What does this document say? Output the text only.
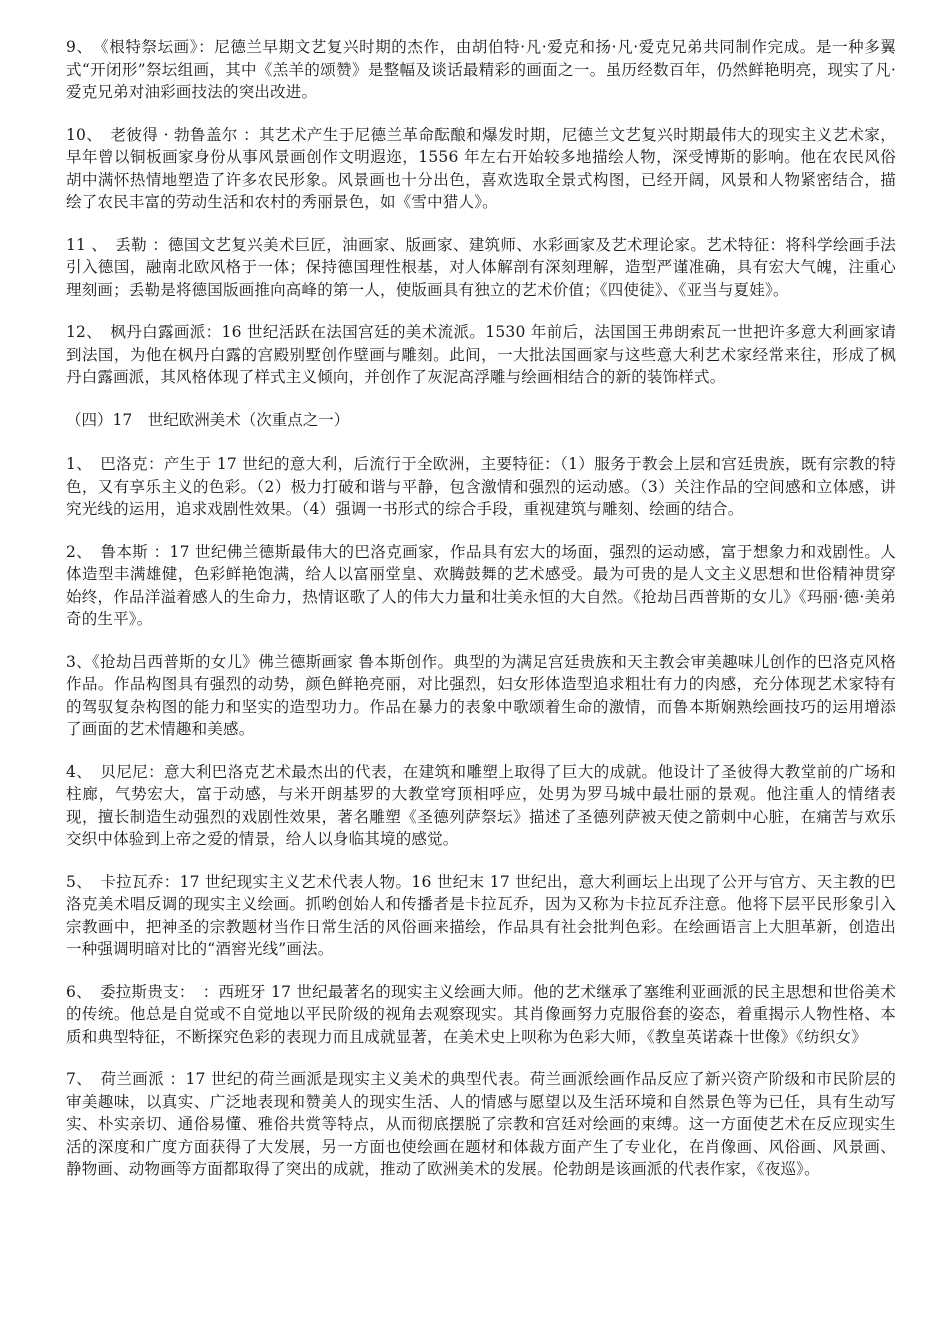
9、　 《根特祭坛画》：尼德兰早期文艺复兴时期的杰作，由胡伯特·凡·爱克和扬·凡·爱克兄弟共同制作完成。是一种多翼式“开闭形”祭坛组画，其中《羔羊的颂赞》是整幅及谈话最精彩的画面之一。虽历经数百年，仍然鲜艳明亮，现实了凡·爱克兄弟对油彩画技法的突出改进。

10、　 老彼得 · 勃鲁盖尔 ：其艺术产生于尼德兰革命酝酿和爆发时期，尼德兰文艺复兴时期最伟大的现实主义艺术家，早年曾以铜板画家身份从事风景画创作文明遐迩，1556 年左右开始较多地描绘人物，深受博斯的影响。他在农民风俗胡中满怀热情地塑造了许多农民形象。风景画也十分出色，喜欢选取全景式构图，已经开阔，风景和人物紧密结合，描绘了农民丰富的劳动生活和农村的秀丽景色，如《雪中猎人》。

11 、　 丢勒 ：德国文艺复兴美术巨匠，油画家、版画家、建筑师、水彩画家及艺术理论家。艺术特征：将科学绘画手法引入德国，融南北欧风格于一体；保持德国理性根基，对人体解剖有深刻理解，造型严谨准确，具有宏大气魄，注重心理刻画；丢勒是将德国版画推向高峰的第一人，使版画具有独立的艺术价值；《四使徒》、《亚当与夏娃》。

12、　 枫丹白露画派：16 世纪活跃在法国宫廷的美术流派。1530 年前后，法国国王弗朗索瓦一世把许多意大利画家请到法国，为他在枫丹白露的宫殿别墅创作壁画与雕刻。此间，一大批法国画家与这些意大利艺术家经常来往，形成了枫丹白露画派，其风格体现了样式主义倾向，并创作了灰泥高浮雕与绘画相结合的新的装饰样式。

（四）17　世纪欧洲美术（次重点之一）

1、　 巴洛克：产生于 17 世纪的意大利，后流行于全欧洲，主要特征：（1）服务于教会上层和宫廷贵族，既有宗教的特色，又有享乐主义的色彩。（2）极力打破和谐与平静，包含激情和强烈的运动感。（3）关注作品的空间感和立体感，讲究光线的运用，追求戏剧性效果。（4）强调一书形式的综合手段，重视建筑与雕刻、绘画的结合。

2、　 鲁本斯 ：17 世纪佛兰德斯最伟大的巴洛克画家，作品具有宏大的场面，强烈的运动感，富于想象力和戏剧性。人体造型丰满雄健，色彩鲜艳饱满，给人以富丽堂皇、欢腾鼓舞的艺术感受。最为可贵的是人文主义思想和世俗精神贯穿始终，作品洋溢着感人的生命力，热情讴歌了人的伟大力量和壮美永恒的大自然。《抢劫吕西普斯的女儿》《玛丽·德·美弟奇的生平》。

3、《抢劫吕西普斯的女儿》佛兰德斯画家 鲁本斯创作。典型的为满足宫廷贵族和天主教会审美趣味儿创作的巴洛克风格作品。作品构图具有强烈的动势，颜色鲜艳亮丽，对比强烈，妇女形体造型追求粗壮有力的肉感，充分体现艺术家特有的驾驭复杂构图的能力和坚实的造型功力。作品在暴力的表象中歌颂着生命的激情，而鲁本斯娴熟绘画技巧的运用增添了画面的艺术情趣和美感。

4、　 贝尼尼：意大利巴洛克艺术最杰出的代表，在建筑和雕塑上取得了巨大的成就。他设计了圣彼得大教堂前的广场和柱廊，气势宏大，富于动感，与米开朗基罗的大教堂穹顶相呼应，处男为罗马城中最壮丽的景观。他注重人的情绪表现，擅长制造生动强烈的戏剧性效果，著名雕塑《圣德列萨祭坛》描述了圣德列萨被天使之箭刺中心脏，在痛苦与欢乐交织中体验到上帝之爱的情景，给人以身临其境的感觉。

5、　 卡拉瓦乔：17 世纪现实主义艺术代表人物。16 世纪末 17 世纪出，意大利画坛上出现了公开与官方、天主教的巴洛克美术唱反调的现实主义绘画。抓哟创始人和传播者是卡拉瓦乔，因为又称为卡拉瓦乔注意。他将下层平民形象引入宗教画中，把神圣的宗教题材当作日常生活的风俗画来描绘，作品具有社会批判色彩。在绘画语言上大胆革新，创造出一种强调明暗对比的“酒窖光线”画法。

6、　 委拉斯贵支：　：西班牙 17 世纪最著名的现实主义绘画大师。他的艺术继承了塞维利亚画派的民主思想和世俗美术的传统。他总是自觉或不自觉地以平民阶级的视角去观察现实。其肖像画努力克服俗套的姿态，着重揭示人物性格、本质和典型特征，不断探究色彩的表现力而且成就显著，在美术史上呗称为色彩大师，《教皇英诺森十世像》《纺织女》

7、　 荷兰画派 ：17 世纪的荷兰画派是现实主义美术的典型代表。荷兰画派绘画作品反应了新兴资产阶级和市民阶层的审美趣味，以真实、广泛地表现和赞美人的现实生活、人的情感与愿望以及生活环境和自然景色等为已任，具有生动写实、朴实亲切、通俗易懂、雅俗共赏等特点，从而彻底摆脱了宗教和宫廷对绘画的束缚。这一方面使艺术在反应现实生活的深度和广度方面获得了大发展，另一方面也使绘画在题材和体裁方面产生了专业化，在肖像画、风俗画、风景画、静物画、动物画等方面都取得了突出的成就，推动了欧洲美术的发展。伦勃朗是该画派的代表作家，《夜巡》。
